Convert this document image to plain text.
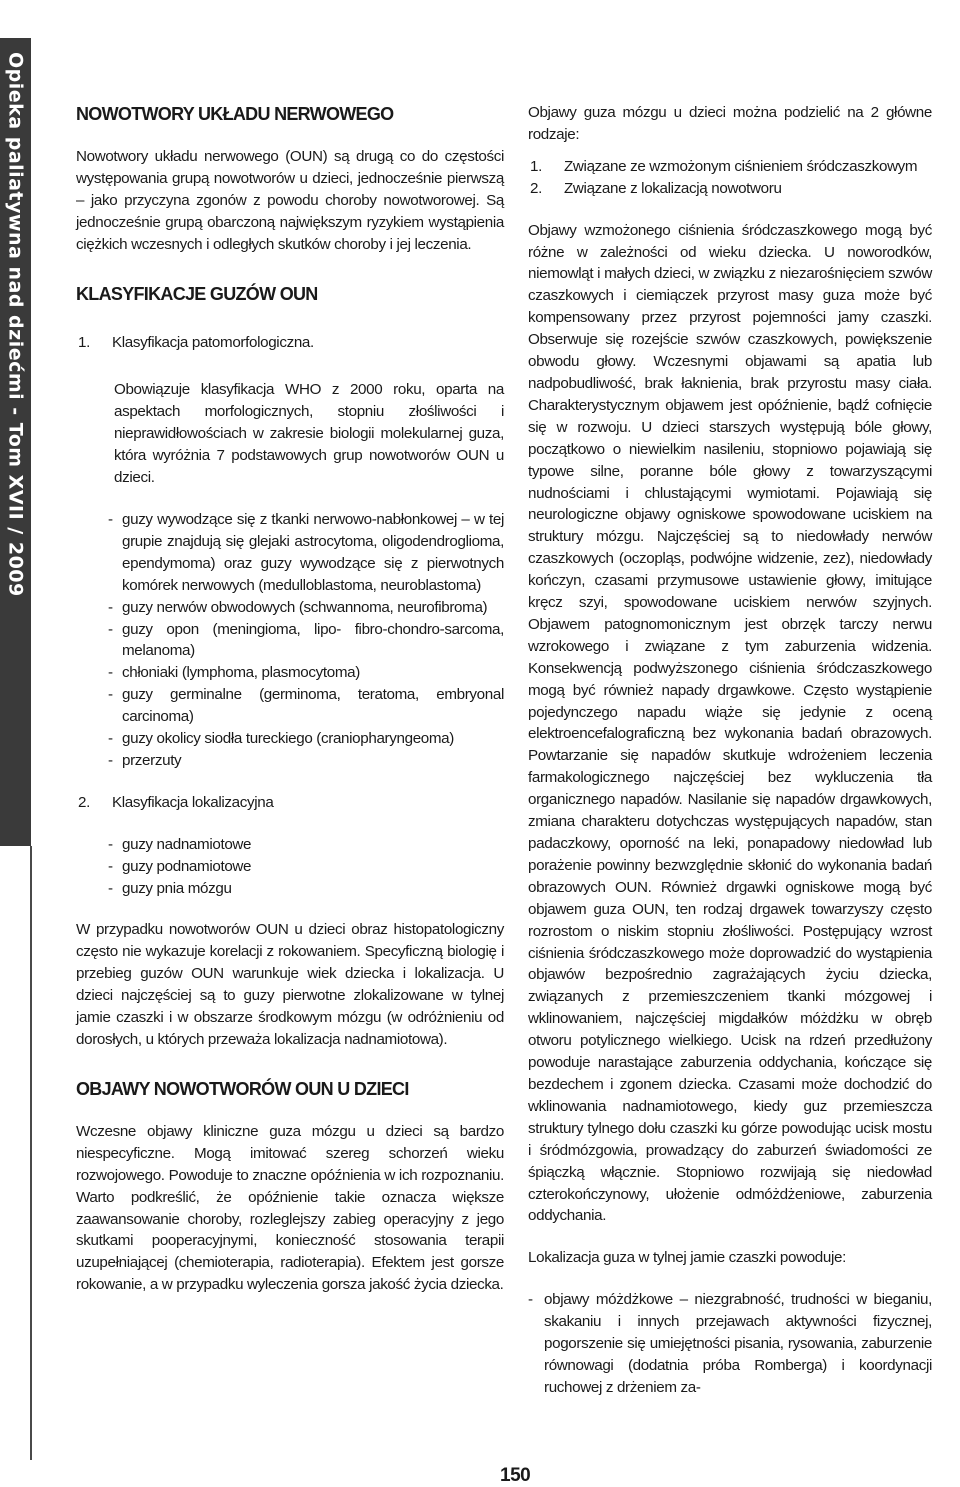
Opieka paliatywna nad dziećmi - Tom XVII / 2009	NOWOTWORY UKŁADU NERWOWEGO

Nowotwory układu nerwowego (OUN) są drugą co do częstości występowania grupą nowotworów u dzieci, jednocześnie pierwszą – jako przyczyna zgonów z powodu choroby nowotworowej. Są jednocześnie grupą obarczoną największym ryzykiem wystąpienia ciężkich wczesnych i odległych skutków choroby i jej leczenia.

KLASYFIKACJE GUZÓW OUN
1. Klasyfikacja patomorfologiczna.

Obowiązuje klasyfikacja WHO z 2000 roku, oparta na aspektach morfologicznych, stopniu złośliwości i nieprawidłowościach w zakresie biologii molekularnej guza, która wyróżnia 7 podstawowych grup nowotworów OUN u dzieci.

- guzy wywodzące się z tkanki nerwowo-nabłonkowej – w tej grupie znajdują się glejaki astrocytoma, oligodendroglioma, ependymoma) oraz guzy wywodzące się z pierwotnych komórek nerwowych (medulloblastoma, neuroblastoma)
- guzy nerwów obwodowych (schwannoma, neurofibroma)
- guzy opon (meningioma, lipo- fibro-chondro-sarcoma, melanoma)
- chłoniaki (lymphoma, plasmocytoma)
- guzy germinalne (germinoma, teratoma, embryonal carcinoma)
- guzy okolicy siodła tureckiego (craniopharyngeoma)
- przerzuty
2. Klasyfikacja lokalizacyjna
- guzy nadnamiotowe
- guzy podnamiotowe
- guzy pnia mózgu

W przypadku nowotworów OUN u dzieci obraz histopatologiczny często nie wykazuje korelacji z rokowaniem. Specyficzną biologię i przebieg guzów OUN warunkuje wiek dziecka i lokalizacja. U dzieci najczęściej są to guzy pierwotne zlokalizowane w tylnej jamie czaszki i w obszarze środkowym mózgu (w odróżnieniu od dorosłych, u których przeważa lokalizacja nadnamiotowa).

OBJAWY NOWOTWORÓW OUN U DZIECI

Wczesne objawy kliniczne guza mózgu u dzieci są bardzo niespecyficzne. Mogą imitować szereg schorzeń wieku rozwojowego. Powoduje to znaczne opóźnienia w ich rozpoznaniu. Warto podkreślić, że opóźnienie takie oznacza większe zaawansowanie choroby, rozleglejszy zabieg operacyjny z jego skutkami pooperacyjnymi, konieczność stosowania terapii uzupełniającej (chemioterapia, radioterapia). Efektem jest gorsze rokowanie, a w przypadku wyleczenia gorsza jakość życia dziecka.

Objawy guza mózgu u dzieci można podzielić na 2 główne rodzaje:

1. Związane ze wzmożonym ciśnieniem śródczaszkowym
2. Związane z lokalizacją nowotworu

Objawy wzmożonego ciśnienia śródczaszkowego mogą być różne w zależności od wieku dziecka. U noworodków, niemowląt i małych dzieci, w związku z niezarośnięciem szwów czaszkowych i ciemiączek przyrost masy guza może być kompensowany przez przyrost pojemności jamy czaszki. Obserwuje się rozejście szwów czaszkowych, powiększenie obwodu głowy. Wczesnymi objawami są apatia lub nadpobudliwość, brak łaknienia, brak przyrostu masy ciała. Charakterystycznym objawem jest opóźnienie, bądź cofnięcie się w rozwoju. U dzieci starszych występują bóle głowy, początkowo o niewielkim nasileniu, stopniowo pojawiają się typowe silne, poranne bóle głowy z towarzyszącymi nudnościami i chlustającymi wymiotami. Pojawiają się neurologiczne objawy ogniskowe spowodowane uciskiem na struktury mózgu. Najczęściej są to niedowłady nerwów czaszkowych (oczopląs, podwójne widzenie, zez), niedowłady kończyn, czasami przymusowe ustawienie głowy, imitujące kręcz szyi, spowodowane uciskiem nerwów szyjnych. Objawem patognomonicznym jest obrzęk tarczy nerwu wzrokowego i związane z tym zaburzenia widzenia. Konsekwencją podwyższonego ciśnienia śródczaszkowego mogą być również napady drgawkowe. Często wystąpienie pojedynczego napadu wiąże się jedynie z oceną elektroencefalograficzną bez wykonania badań obrazowych. Powtarzanie się napadów skutkuje wdrożeniem leczenia farmakologicznego najczęściej bez wykluczenia tła organicznego napadów. Nasilanie się napadów drgawkowych, zmiana charakteru dotychczas występujących napadów, stan padaczkowy, oporność na leki, ponapadowy niedowład lub porażenie powinny bezwzględnie skłonić do wykonania badań obrazowych OUN. Również drgawki ogniskowe mogą być objawem guza OUN, ten rodzaj drgawek towarzyszy często rozrostom o niskim stopniu złośliwości. Postępujący wzrost ciśnienia śródczaszkowego może doprowadzić do wystąpienia objawów bezpośrednio zagrażających życiu dziecka, związanych z przemieszczeniem tkanki mózgowej i wklinowaniem, najczęściej migdałków móżdżku w obręb otworu potylicznego wielkiego. Ucisk na rdzeń przedłużony powoduje narastające zaburzenia oddychania, kończące się bezdechem i zgonem dziecka. Czasami może dochodzić do wklinowania nadnamiotowego, kiedy guz przemieszcza struktury tylnego dołu czaszki ku górze powodując ucisk mostu i śródmózgowia, prowadzący do zaburzeń świadomości ze śpiączką włącznie. Stopniowo rozwijają się niedowład czterokończynowy, ułożenie odmóżdżeniowe, zaburzenia oddychania.

Lokalizacja guza w tylnej jamie czaszki powoduje:

- objawy móżdżkowe – niezgrabność, trudności w bieganiu, skakaniu i innych przejawach aktywności fizycznej, pogorszenie się umiejętności pisania, rysowania, zaburzenie równowagi (dodatnia próba Romberga) i koordynacji ruchowej z drżeniem za-
150
